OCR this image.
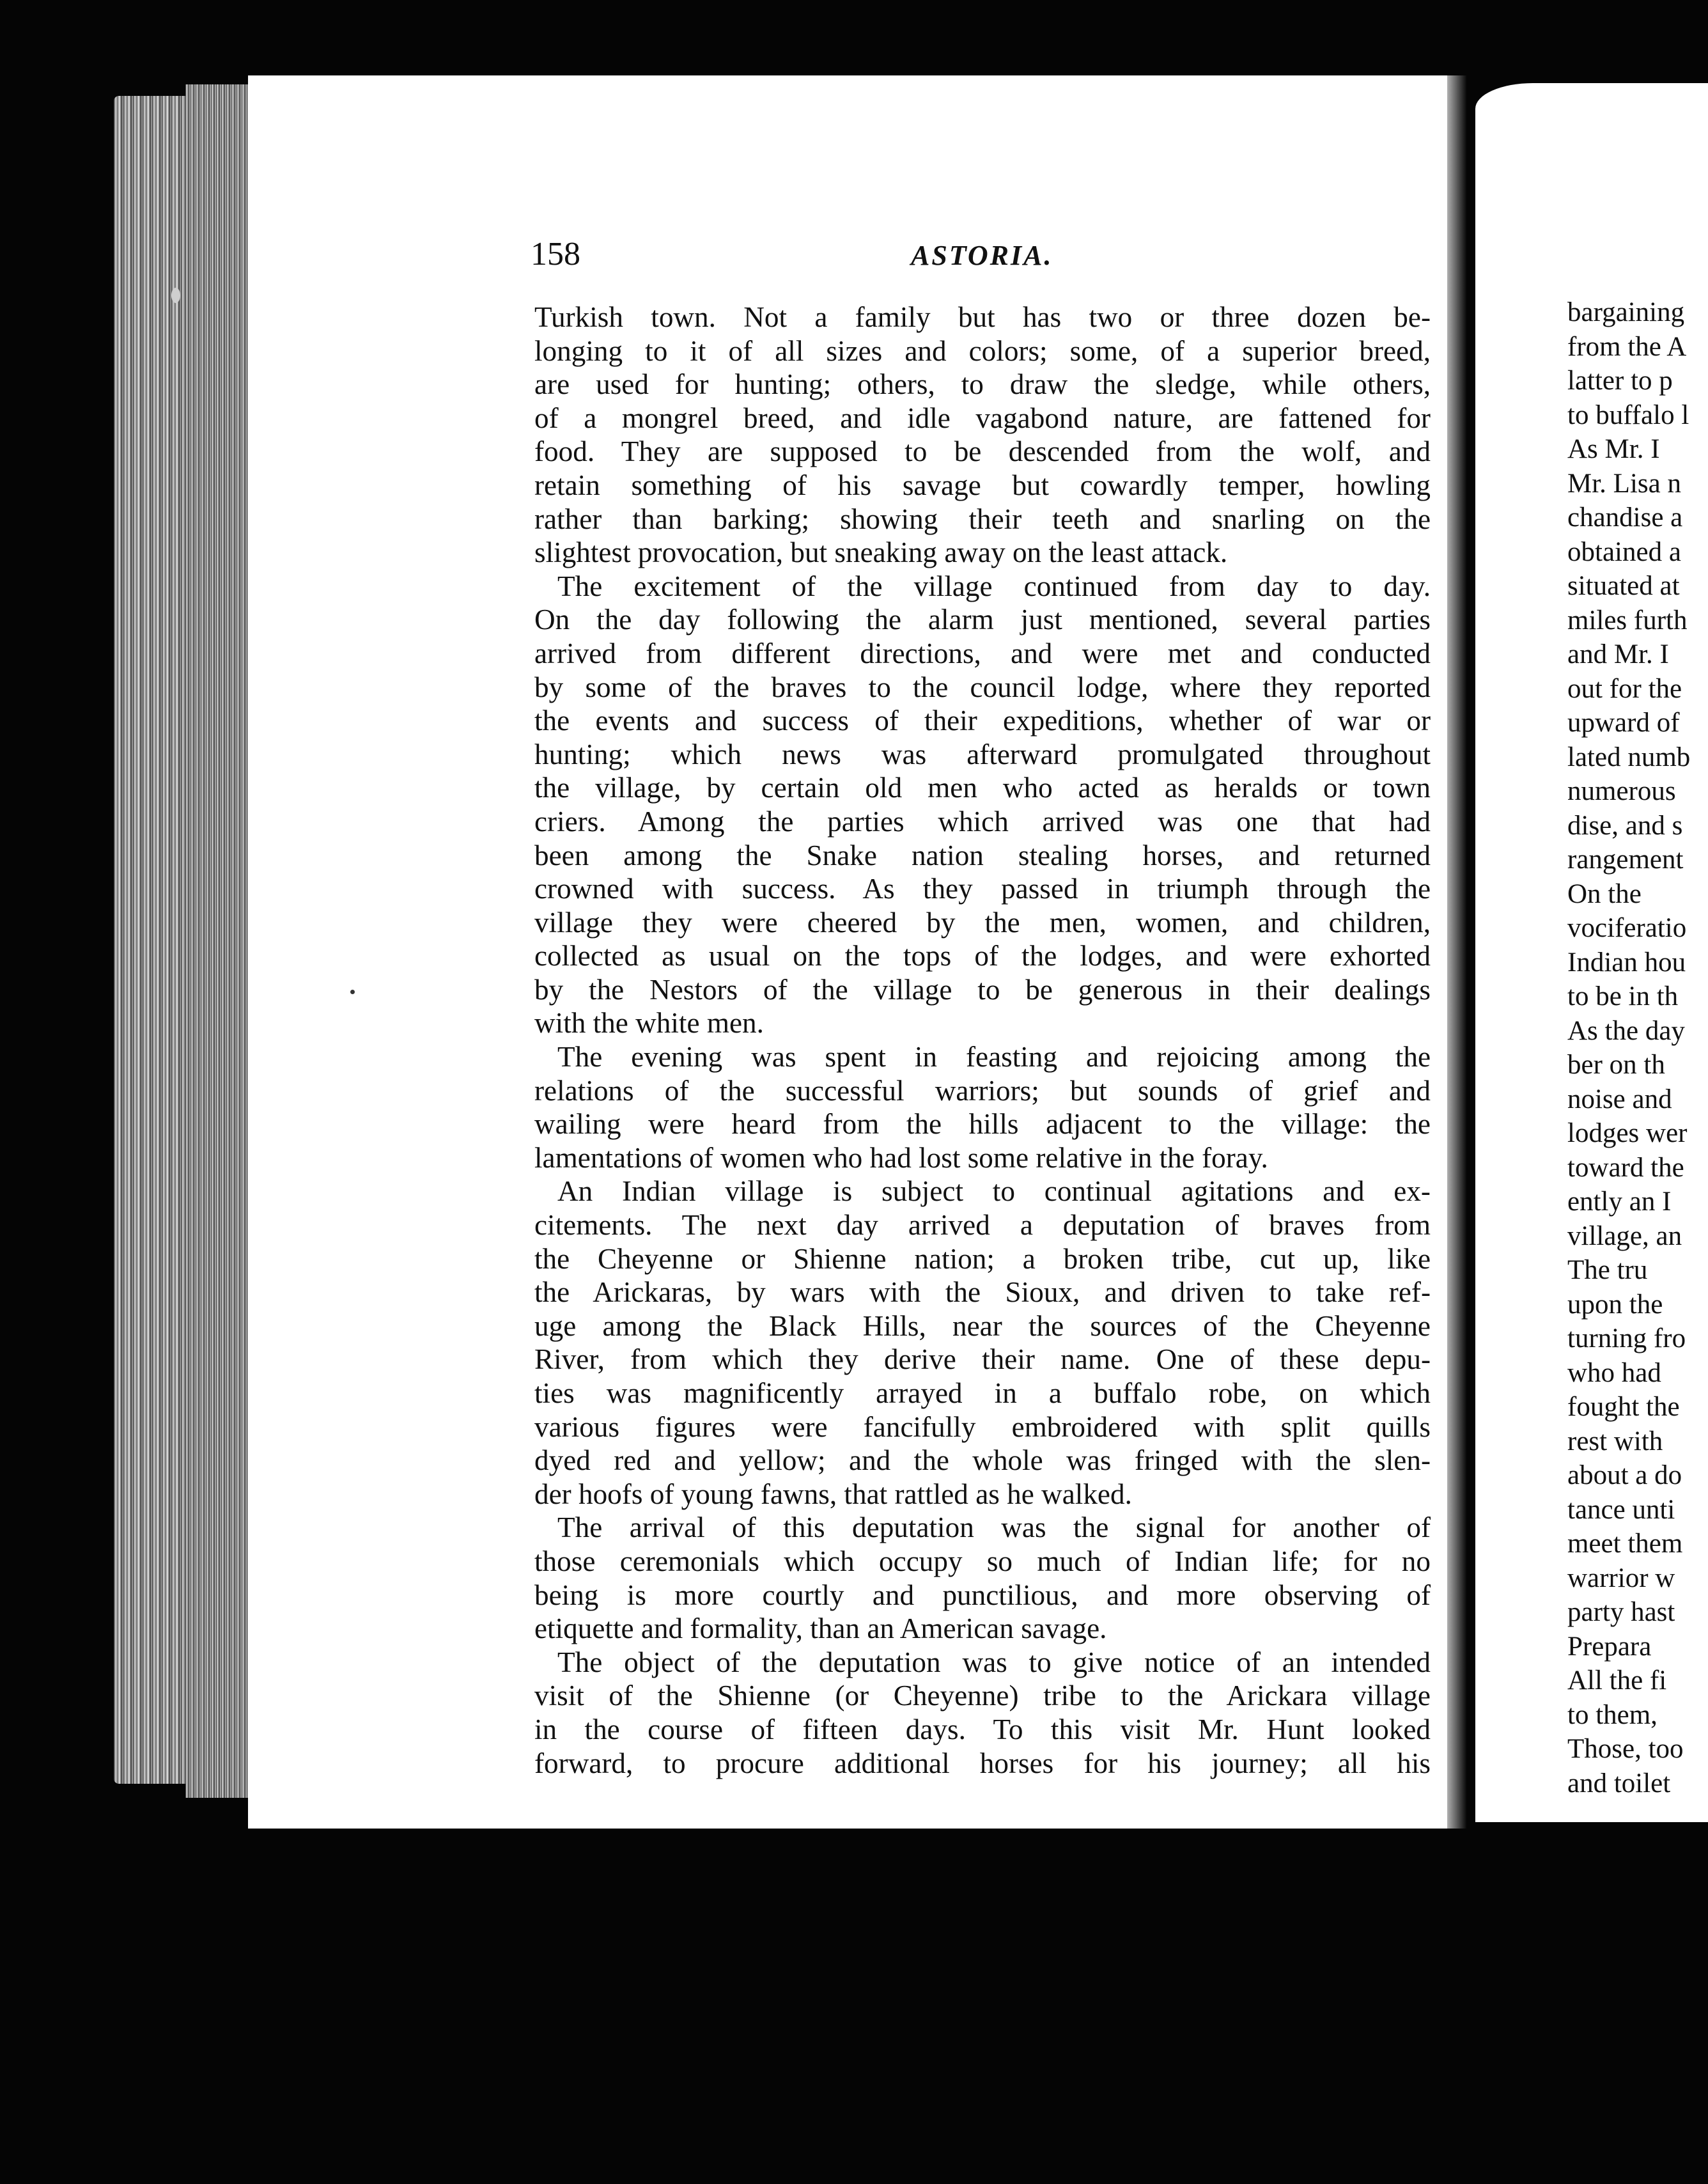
158	ASTORIA.
Turkish town. Not a family but has two or three dozen be-
longing to it of all sizes and colors; some, of a superior breed,
are used for hunting; others, to draw the sledge, while others,
of a mongrel breed, and idle vagabond nature, are fattened for
food. They are supposed to be descended from the wolf, and
retain something of his savage but cowardly temper, howling
rather than barking; showing their teeth and snarling on the
slightest provocation, but sneaking away on the least attack.
The excitement of the village continued from day to day.
On the day following the alarm just mentioned, several parties
arrived from different directions, and were met and conducted
by some of the braves to the council lodge, where they reported
the events and success of their expeditions, whether of war or
hunting; which news was afterward promulgated throughout
the village, by certain old men who acted as heralds or town
criers. Among the parties which arrived was one that had
been among the Snake nation stealing horses, and returned
crowned with success. As they passed in triumph through the
village they were cheered by the men, women, and children,
collected as usual on the tops of the lodges, and were exhorted
by the Nestors of the village to be generous in their dealings
with the white men.
The evening was spent in feasting and rejoicing among the
relations of the successful warriors; but sounds of grief and
wailing were heard from the hills adjacent to the village: the
lamentations of women who had lost some relative in the foray.
An Indian village is subject to continual agitations and ex-
citements. The next day arrived a deputation of braves from
the Cheyenne or Shienne nation; a broken tribe, cut up, like
the Arickaras, by wars with the Sioux, and driven to take ref-
uge among the Black Hills, near the sources of the Cheyenne
River, from which they derive their name. One of these depu-
ties was magnificently arrayed in a buffalo robe, on which
various figures were fancifully embroidered with split quills
dyed red and yellow; and the whole was fringed with the slen-
der hoofs of young fawns, that rattled as he walked.
The arrival of this deputation was the signal for another of
those ceremonials which occupy so much of Indian life; for no
being is more courtly and punctilious, and more observing of
etiquette and formality, than an American savage.
The object of the deputation was to give notice of an intended
visit of the Shienne (or Cheyenne) tribe to the Arickara village
in the course of fifteen days. To this visit Mr. Hunt looked
forward, to procure additional horses for his journey; all his
bargaining
from the A
latter to p
to buffalo l
As Mr. I
Mr. Lisa n
chandise a
obtained a
situated at
miles furth
and Mr. I
out for the
upward of
lated numb
numerous
dise, and s
rangement
On the
vociferatio
Indian hou
to be in th
As the day
ber on th
noise and
lodges wer
toward the
ently an I
village, an
The tru
upon the
turning fro
who had
fought the
rest with
about a do
tance unti
meet them
warrior w
party hast
Prepara
All the fi
to them,
Those, too
and toilet
